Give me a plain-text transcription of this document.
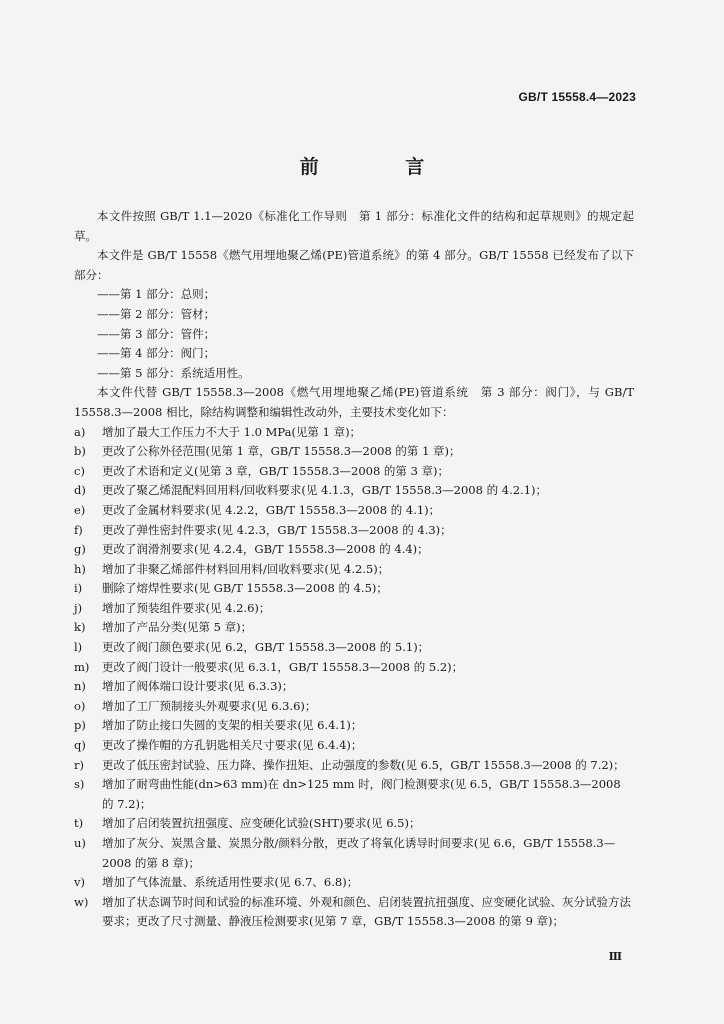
GB/T 15558.4—2023
前 言

本文件按照 GB/T 1.1—2020《标准化工作导则　第 1 部分：标准化文件的结构和起草规则》的规定起草。

本文件是 GB/T 15558《燃气用埋地聚乙烯(PE)管道系统》的第 4 部分。GB/T 15558 已经发布了以下部分：

——第 1 部分：总则；

——第 2 部分：管材；

——第 3 部分：管件；

——第 4 部分：阀门；

——第 5 部分：系统适用性。

本文件代替 GB/T 15558.3—2008《燃气用埋地聚乙烯(PE)管道系统　第 3 部分：阀门》，与 GB/T 15558.3—2008 相比，除结构调整和编辑性改动外，主要技术变化如下：

a)	增加了最大工作压力不大于 1.0 MPa(见第 1 章)；

b)	更改了公称外径范围(见第 1 章，GB/T 15558.3—2008 的第 1 章)；

c)	更改了术语和定义(见第 3 章，GB/T 15558.3—2008 的第 3 章)；

d)	更改了聚乙烯混配料回用料/回收料要求(见 4.1.3，GB/T 15558.3—2008 的 4.2.1)；

e)	更改了金属材料要求(见 4.2.2，GB/T 15558.3—2008 的 4.1)；

f)	更改了弹性密封件要求(见 4.2.3，GB/T 15558.3—2008 的 4.3)；

g)	更改了润滑剂要求(见 4.2.4，GB/T 15558.3—2008 的 4.4)；

h)	增加了非聚乙烯部件材料回用料/回收料要求(见 4.2.5)；

i)	删除了熔焊性要求(见 GB/T 15558.3—2008 的 4.5)；

j)	增加了预装组件要求(见 4.2.6)；

k)	增加了产品分类(见第 5 章)；

l)	更改了阀门颜色要求(见 6.2，GB/T 15558.3—2008 的 5.1)；

m)	更改了阀门设计一般要求(见 6.3.1，GB/T 15558.3—2008 的 5.2)；

n)	增加了阀体端口设计要求(见 6.3.3)；

o)	增加了工厂预制接头外观要求(见 6.3.6)；

p)	增加了防止接口失圆的支架的相关要求(见 6.4.1)；

q)	更改了操作帽的方孔钥匙相关尺寸要求(见 6.4.4)；

r)	更改了低压密封试验、压力降、操作扭矩、止动强度的参数(见 6.5，GB/T 15558.3—2008 的 7.2)；

s)	增加了耐弯曲性能(dn>63 mm)在 dn>125 mm 时，阀门检测要求(见 6.5，GB/T 15558.3—2008 的 7.2)；

t)	增加了启闭装置抗扭强度、应变硬化试验(SHT)要求(见 6.5)；

u)	增加了灰分、炭黑含量、炭黑分散/颜料分散，更改了将氧化诱导时间要求(见 6.6，GB/T 15558.3—2008 的第 8 章)；

v)	增加了气体流量、系统适用性要求(见 6.7、6.8)；

w)	增加了状态调节时间和试验的标准环境、外观和颜色、启闭装置抗扭强度、应变硬化试验、灰分试验方法要求；更改了尺寸测量、静液压检测要求(见第 7 章，GB/T 15558.3—2008 的第 9 章)；

Ⅲ
